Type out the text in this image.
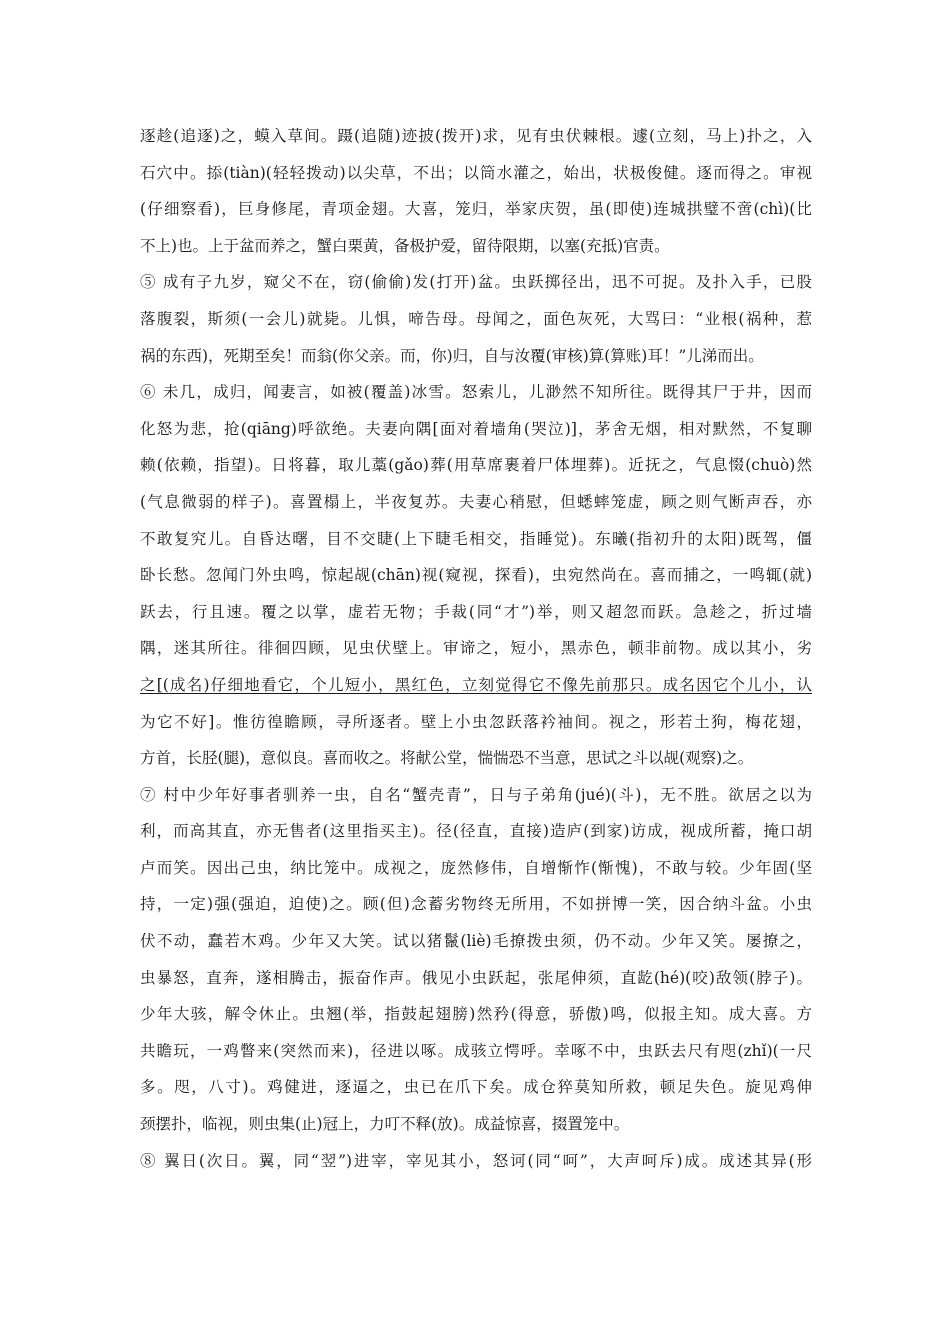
逐趁(追逐)之，蟆入草间。蹑(追随)迹披(拨开)求，见有虫伏棘根。遽(立刻，马上)扑之，入
石穴中。掭(tiàn)(轻轻拨动)以尖草，不出；以筒水灌之，始出，状极俊健。逐而得之。审视
(仔细察看)，巨身修尾，青项金翅。大喜，笼归，举家庆贺，虽(即使)连城拱璧不啻(chì)(比
不上)也。上于盆而养之，蟹白栗黄，备极护爱，留待限期，以塞(充抵)官责。
⑤ 成有子九岁，窥父不在，窃(偷偷)发(打开)盆。虫跃掷径出，迅不可捉。及扑入手，已股
落腹裂，斯须(一会儿)就毙。儿惧，啼告母。母闻之，面色灰死，大骂曰：“业根(祸种，惹
祸的东西)，死期至矣！而翁(你父亲。而，你)归，自与汝覆(审核)算(算账)耳！”儿涕而出。
⑥ 未几，成归，闻妻言，如被(覆盖)冰雪。怒索儿，儿渺然不知所往。既得其尸于井，因而
化怒为悲，抢(qiāng)呼欲绝。夫妻向隅[面对着墙角(哭泣)]，茅舍无烟，相对默然，不复聊
赖(依赖，指望)。日将暮，取儿藁(gǎo)葬(用草席裹着尸体埋葬)。近抚之，气息惙(chuò)然
(气息微弱的样子)。喜置榻上，半夜复苏。夫妻心稍慰，但蟋蟀笼虚，顾之则气断声吞，亦
不敢复究儿。自昏达曙，目不交睫(上下睫毛相交，指睡觉)。东曦(指初升的太阳)既驾，僵
卧长愁。忽闻门外虫鸣，惊起觇(chān)视(窥视，探看)，虫宛然尚在。喜而捕之，一鸣辄(就)
跃去，行且速。覆之以掌，虚若无物；手裁(同“才”)举，则又超忽而跃。急趁之，折过墙
隅，迷其所往。徘徊四顾，见虫伏壁上。审谛之，短小，黑赤色，顿非前物。成以其小，劣
之[(成名)仔细地看它，个儿短小，黑红色，立刻觉得它不像先前那只。成名因它个儿小，认
为它不好]。惟彷徨瞻顾，寻所逐者。壁上小虫忽跃落衿袖间。视之，形若土狗，梅花翅，
方首，长胫(腿)，意似良。喜而收之。将献公堂，惴惴恐不当意，思试之斗以觇(观察)之。
⑦ 村中少年好事者驯养一虫，自名“蟹壳青”，日与子弟角(jué)(斗)，无不胜。欲居之以为
利，而高其直，亦无售者(这里指买主)。径(径直，直接)造庐(到家)访成，视成所蓄，掩口胡
卢而笑。因出己虫，纳比笼中。成视之，庞然修伟，自增惭怍(惭愧)，不敢与较。少年固(坚
持，一定)强(强迫，迫使)之。顾(但)念蓄劣物终无所用，不如拼博一笑，因合纳斗盆。小虫
伏不动，蠢若木鸡。少年又大笑。试以猪鬣(liè)毛撩拨虫须，仍不动。少年又笑。屡撩之，
虫暴怒，直奔，遂相腾击，振奋作声。俄见小虫跃起，张尾伸须，直龁(hé)(咬)敌领(脖子)。
少年大骇，解令休止。虫翘(举，指鼓起翅膀)然矜(得意，骄傲)鸣，似报主知。成大喜。方
共瞻玩，一鸡瞥来(突然而来)，径进以啄。成骇立愕呼。幸啄不中，虫跃去尺有咫(zhǐ)(一尺
多。咫，八寸)。鸡健进，逐逼之，虫已在爪下矣。成仓猝莫知所救，顿足失色。旋见鸡伸
颈摆扑，临视，则虫集(止)冠上，力叮不释(放)。成益惊喜，掇置笼中。
⑧ 翼日(次日。翼，同“翌”)进宰，宰见其小，怒诃(同“呵”，大声呵斥)成。成述其异(形
